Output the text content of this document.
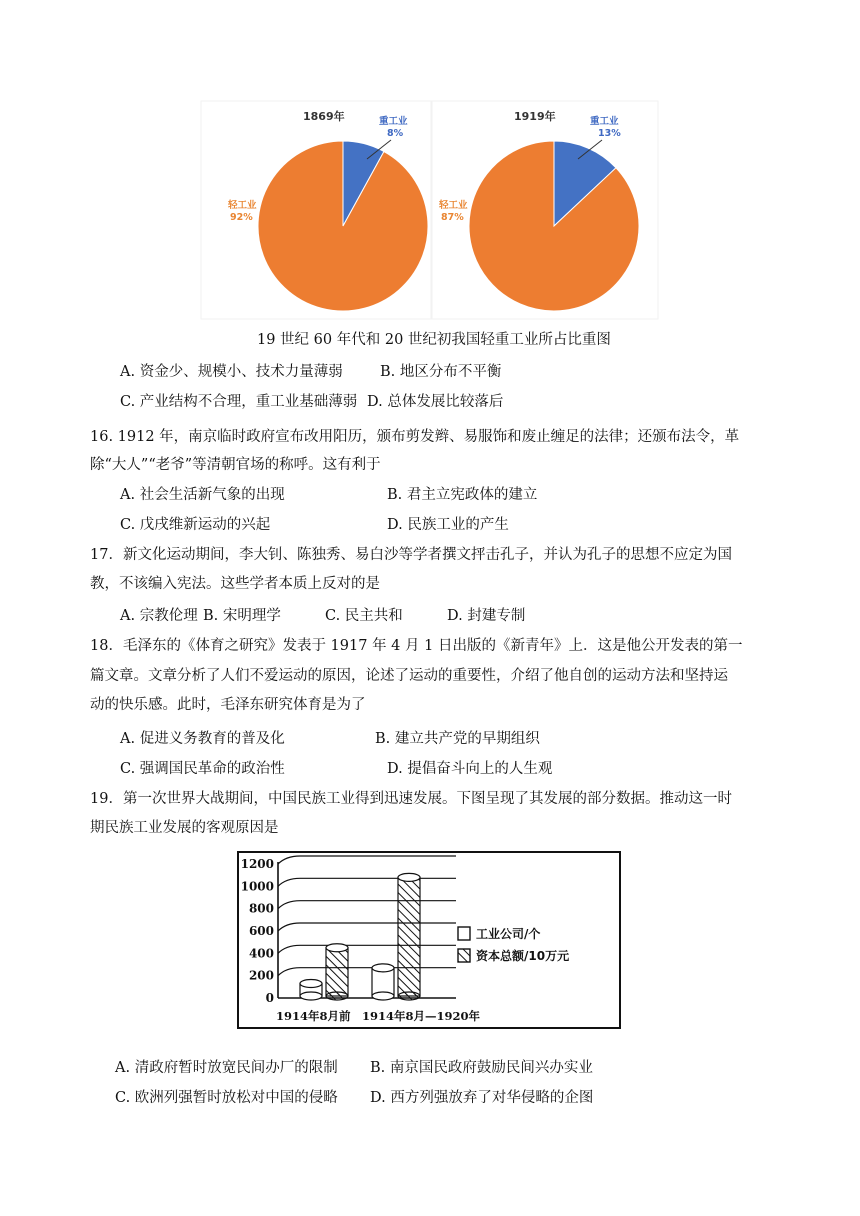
1869年	重工业
8%
轻工业
92%
1919年	重工业
13%
轻工业
87%
19 世纪 60 年代和 20 世纪初我国轻重工业所占比重图
A. 资金少、规模小、技术力量薄弱	B. 地区分布不平衡
C. 产业结构不合理，重工业基础薄弱 D. 总体发展比较落后
16. 1912 年，南京临时政府宣布改用阳历，颁布剪发辫、易服饰和废止缠足的法律；还颁布法令，革
除“大人”“老爷”等清朝官场的称呼。这有利于
A. 社会生活新气象的出现	B. 君主立宪政体的建立
C. 戊戌维新运动的兴起	D. 民族工业的产生
17．新文化运动期间，李大钊、陈独秀、易白沙等学者撰文抨击孔子，并认为孔子的思想不应定为国
教，不该编入宪法。这些学者本质上反对的是
A. 宗教伦理 B. 宋明理学	C. 民主共和	D. 封建专制
18．毛泽东的《体育之研究》发表于 1917 年 4 月 1 日出版的《新青年》上．这是他公开发表的第一
篇文章。文章分析了人们不爱运动的原因，论述了运动的重要性，介绍了他自创的运动方法和坚持运
动的快乐感。此时，毛泽东研究体育是为了
A. 促进义务教育的普及化	B. 建立共产党的早期组织
C. 强调国民革命的政治性	D. 提倡奋斗向上的人生观
19．第一次世界大战期间，中国民族工业得到迅速发展。下图呈现了其发展的部分数据。推动这一时
期民族工业发展的客观原因是
0
200
400
600
800
1000
1200
工业公司/个
资本总额/10万元
1914年8月前　1914年8月—1920年
A. 清政府暂时放宽民间办厂的限制 B. 南京国民政府鼓励民间兴办实业
C. 欧洲列强暂时放松对中国的侵略 D. 西方列强放弃了对华侵略的企图
